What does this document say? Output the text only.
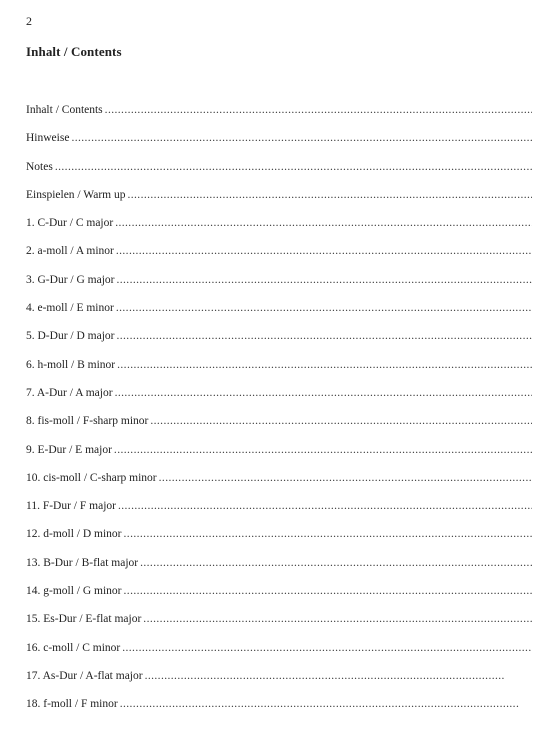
2
Inhalt / Contents
Inhalt / Contents
.....
Hinweise
.....
Notes
.....
Einspielen / Warm up
.....
1. C-Dur / C major
.....
2. a-moll / A minor
.....
3. G-Dur / G major
.....
4. e-moll / E minor
.....
5. D-Dur / D major
.....
6. h-moll / B minor
.....
7. A-Dur / A major
.....
8. fis-moll / F-sharp minor
.....
9. E-Dur / E major
.....
10. cis-moll / C-sharp minor
.....
11. F-Dur / F major
.....
12. d-moll / D minor
.....
13. B-Dur / B-flat major
.....
14. g-moll / G minor
.....
15. Es-Dur / E-flat major
.....
16. c-moll / C minor
.....
17. As-Dur / A-flat major
.....
18. f-moll / F minor
.....
